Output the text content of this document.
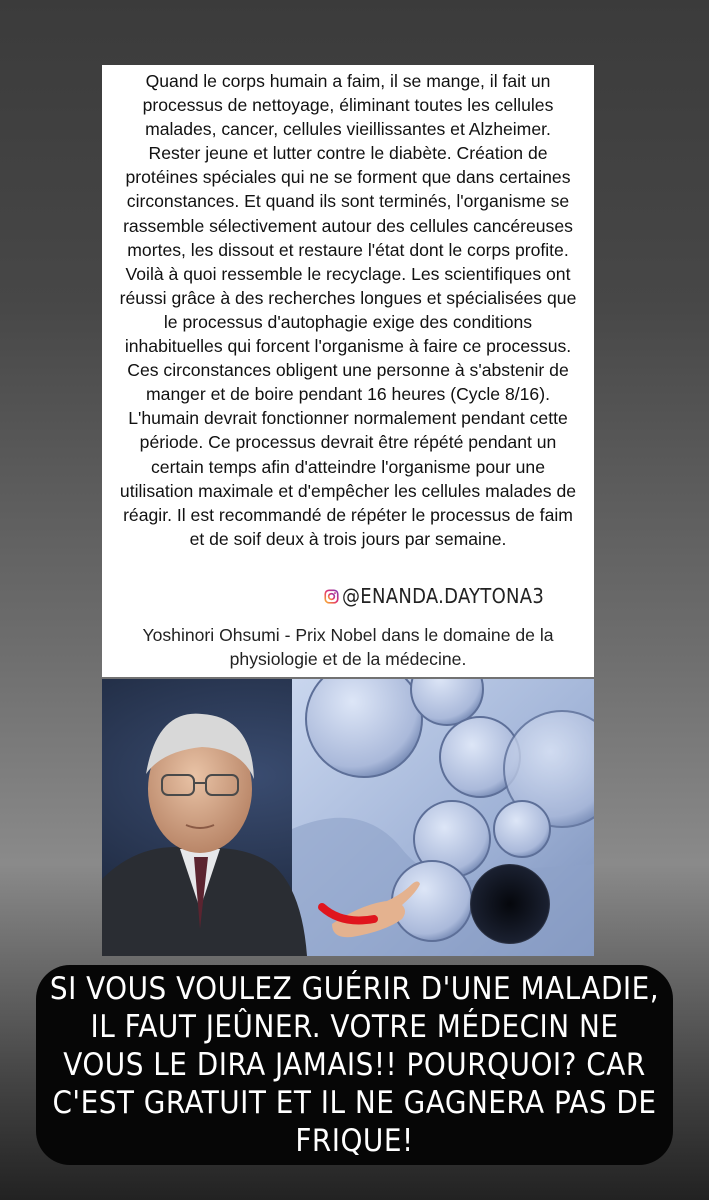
Quand le corps humain a faim, il se mange, il fait un processus de nettoyage, éliminant toutes les cellules malades, cancer, cellules vieillissantes et Alzheimer. Rester jeune et lutter contre le diabète. Création de protéines spéciales qui ne se forment que dans certaines circonstances. Et quand ils sont terminés, l'organisme se rassemble sélectivement autour des cellules cancéreuses mortes, les dissout et restaure l'état dont le corps profite. Voilà à quoi ressemble le recyclage. Les scientifiques ont réussi grâce à des recherches longues et spécialisées que le processus d'autophagie exige des conditions inhabituelles qui forcent l'organisme à faire ce processus. Ces circonstances obligent une personne à s'abstenir de manger et de boire pendant 16 heures (Cycle 8/16). L'humain devrait fonctionner normalement pendant cette période. Ce processus devrait être répété pendant un certain temps afin d'atteindre l'organisme pour une utilisation maximale et d'empêcher les cellules malades de réagir. Il est recommandé de répéter le processus de faim et de soif deux à trois jours par semaine.
@ENANDA.DAYTONA3
Yoshinori Ohsumi - Prix Nobel dans le domaine de la physiologie et de la médecine.
SI VOUS VOULEZ GUÉRIR D'UNE MALADIE, IL FAUT JEÛNER. VOTRE MÉDECIN NE VOUS LE DIRA JAMAIS!! POURQUOI? CAR C'EST GRATUIT ET IL NE GAGNERA PAS DE FRIQUE!
